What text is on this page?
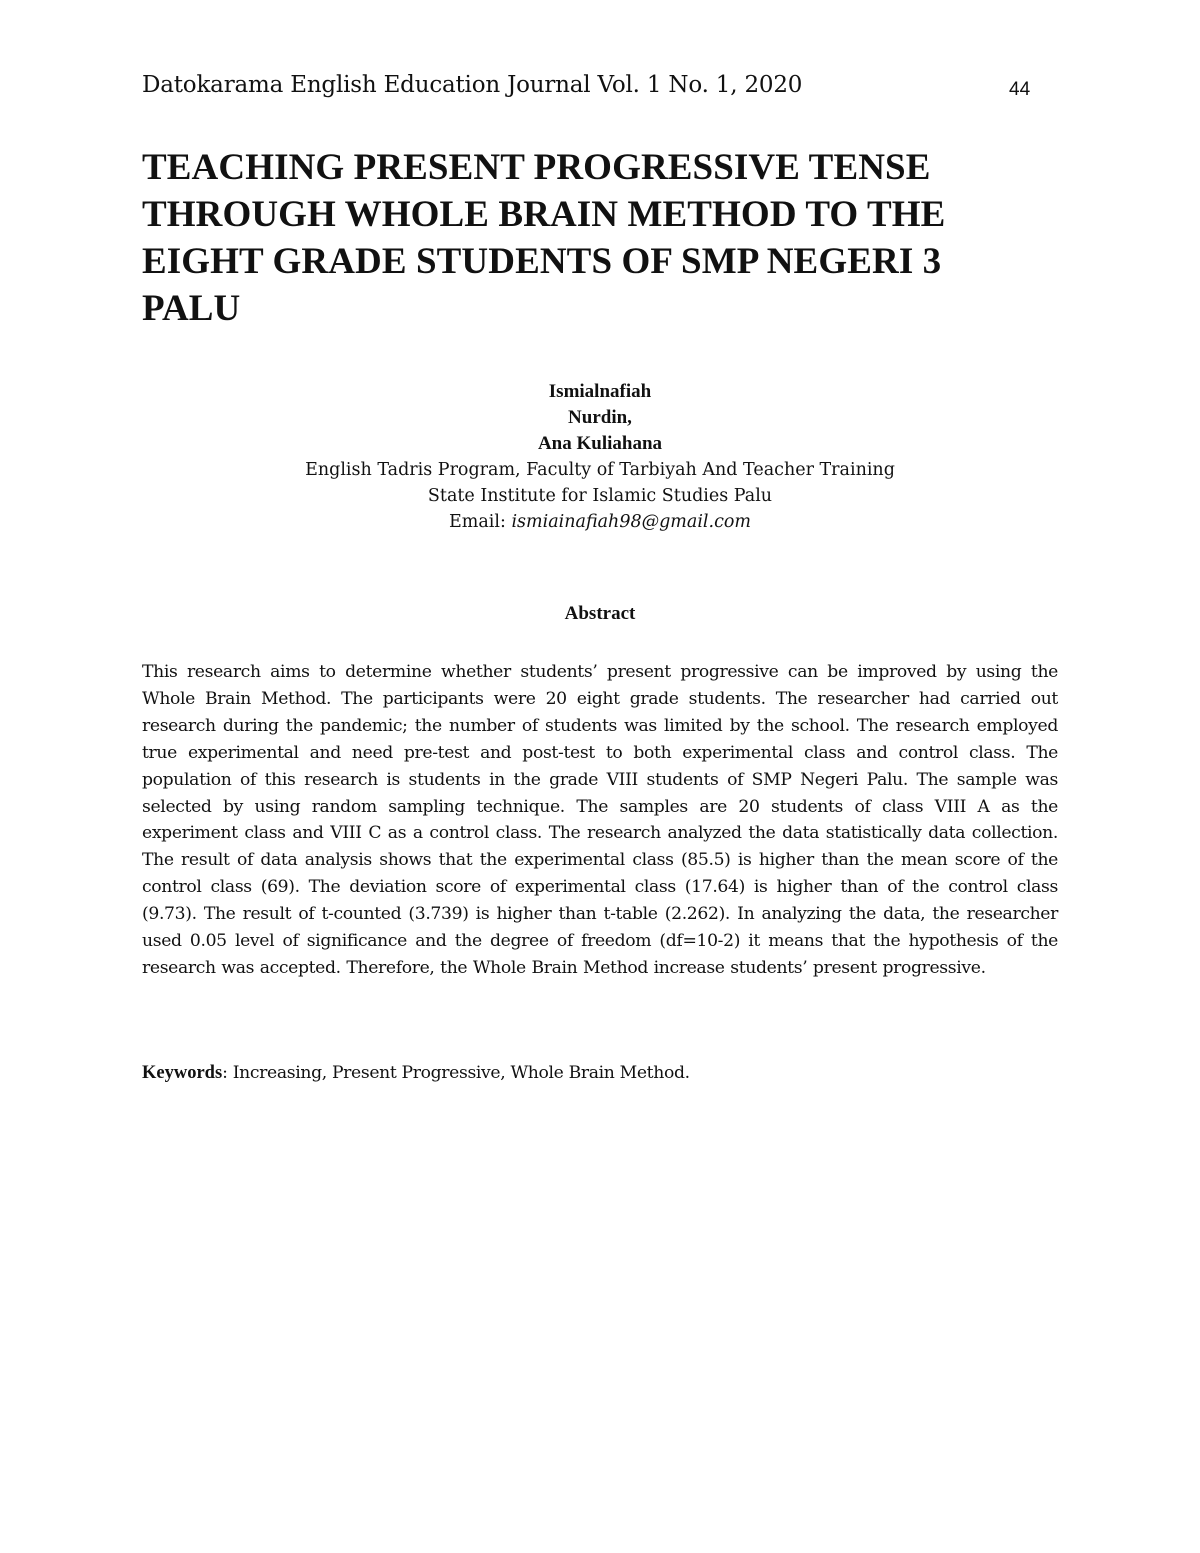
Datokarama English Education Journal Vol. 1 No. 1, 2020	44
TEACHING PRESENT PROGRESSIVE TENSE THROUGH WHOLE BRAIN METHOD TO THE EIGHT GRADE STUDENTS OF SMP NEGERI 3 PALU
Ismialnafiah
Nurdin,
Ana Kuliahana
English Tadris Program, Faculty of Tarbiyah And Teacher Training
State Institute for Islamic Studies Palu
Email: ismiainafiah98@gmail.com
Abstract

This research aims to determine whether students’ present progressive can be improved by using the Whole Brain Method. The participants were 20 eight grade students. The researcher had carried out research during the pandemic; the number of students was limited by the school. The research employed true experimental and need pre-test and post-test to both experimental class and control class. The population of this research is students in the grade VIII students of SMP Negeri Palu. The sample was selected by using random sampling technique. The samples are 20 students of class VIII A as the experiment class and VIII C as a control class. The research analyzed the data statistically data collection. The result of data analysis shows that the experimental class (85.5) is higher than the mean score of the control class (69). The deviation score of experimental class (17.64) is higher than of the control class (9.73). The result of t-counted (3.739) is higher than t-table (2.262). In analyzing the data, the researcher used 0.05 level of significance and the degree of freedom (df=10-2) it means that the hypothesis of the research was accepted. Therefore, the Whole Brain Method increase students’ present progressive.

Keywords: Increasing, Present Progressive, Whole Brain Method.
